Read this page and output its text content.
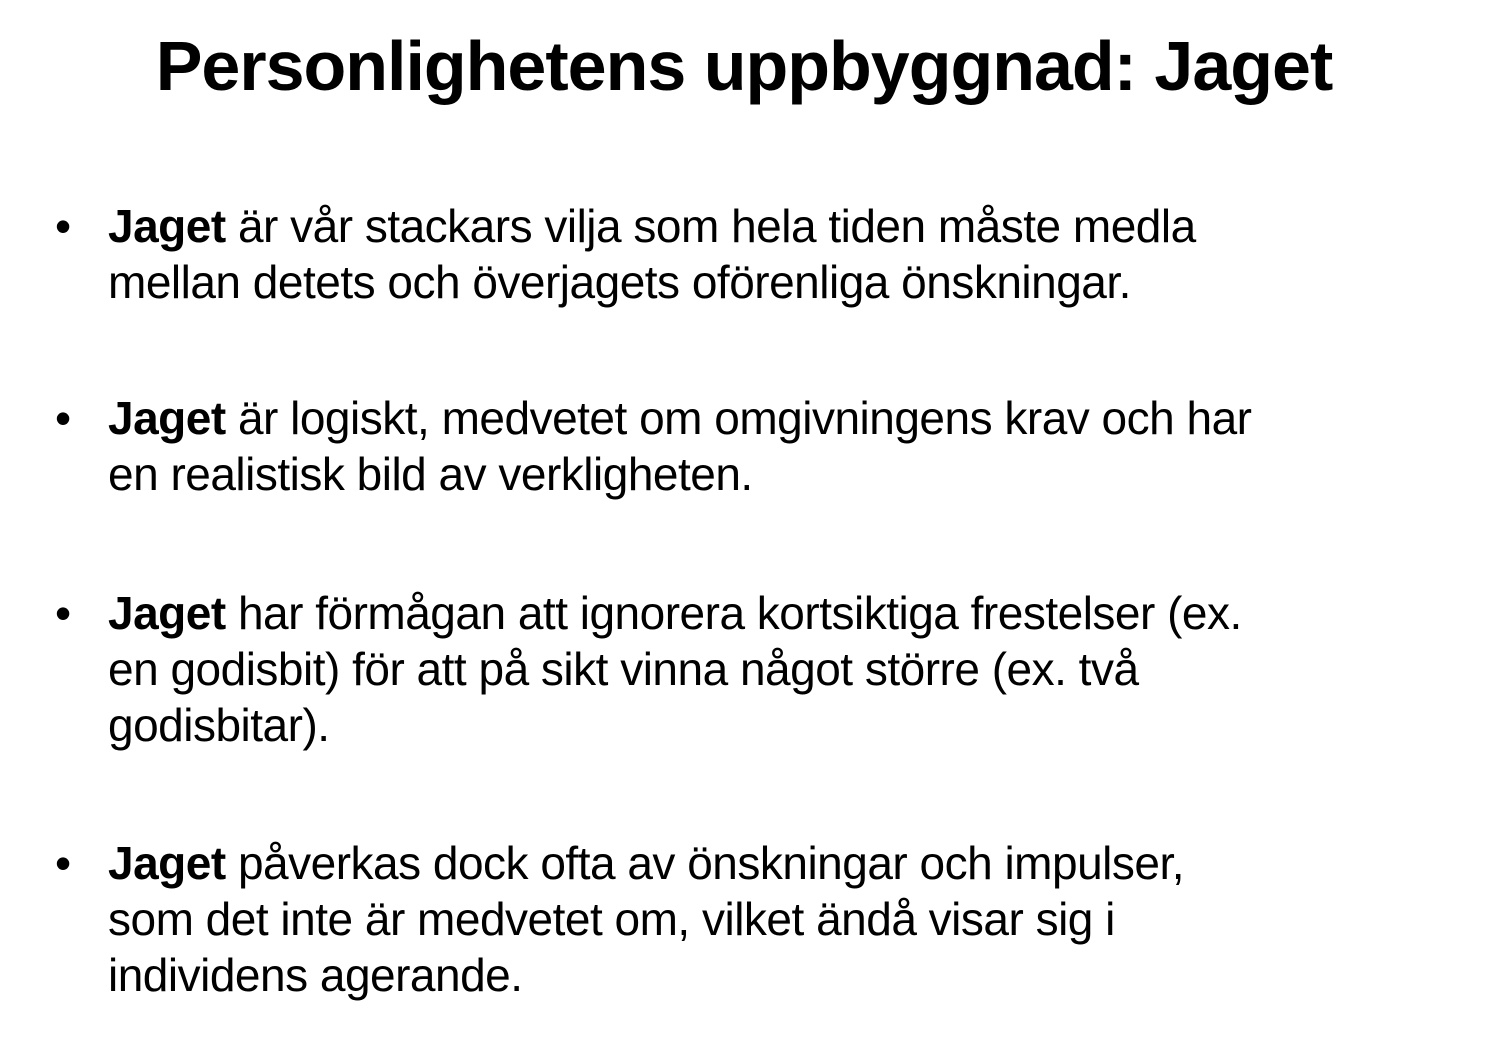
Personlighetens uppbyggnad: Jaget
• Jaget är vår stackars vilja som hela tiden måste medla
mellan detets och överjagets oförenliga önskningar.
• Jaget är logiskt, medvetet om omgivningens krav och har
en realistisk bild av verkligheten.
• Jaget har förmågan att ignorera kortsiktiga frestelser (ex.
en godisbit) för att på sikt vinna något större (ex. två
godisbitar).
• Jaget påverkas dock ofta av önskningar och impulser,
som det inte är medvetet om, vilket ändå visar sig i
individens agerande.
